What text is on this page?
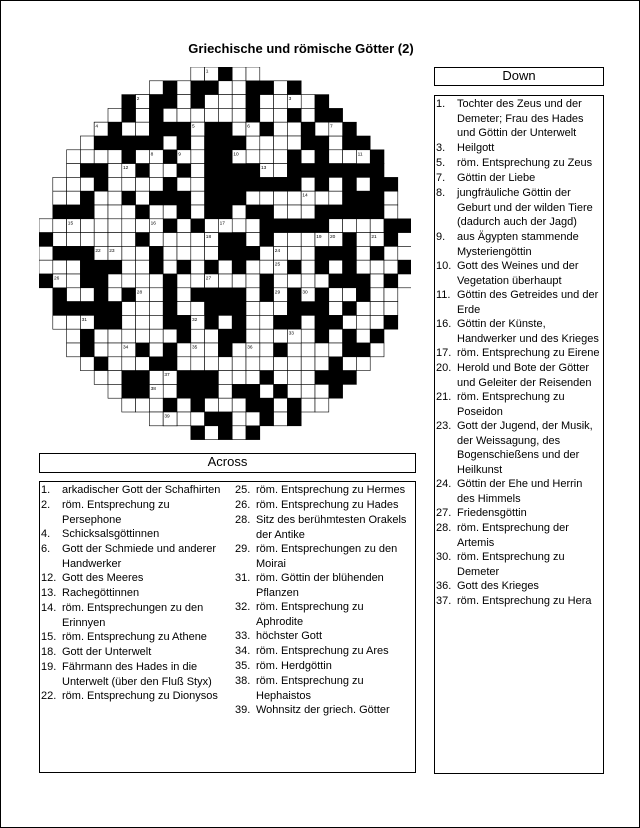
Griechische und römische Götter (2)
1
2	3
4	5	6	7
8	9	10	11
12	13
14
15	16	17
18	19 20	21
22 23	24
25
26	27
28	29	30
31	32
33
34	35	36
37
38
39
Down
1. Tochter des Zeus und der Demeter; Frau des Hades und Göttin der Unterwelt
3. Heilgott
5. röm. Entsprechung zu Zeus
7. Göttin der Liebe
8. jungfräuliche Göttin der Geburt und der wilden Tiere (dadurch auch der Jagd)
9. aus Ägypten stammende Mysteriengöttin
10. Gott des Weines und der Vegetation überhaupt
11. Göttin des Getreides und der Erde
16. Göttin der Künste, Handwerker und des Krieges
17. röm. Entsprechung zu Eirene
20. Herold und Bote der Götter und Geleiter der Reisenden
21. röm. Entsprechung zu Poseidon
23. Gott der Jugend, der Musik, der Weissagung, des Bogenschießens und der Heilkunst
24. Göttin der Ehe und Herrin des Himmels
27. Friedensgöttin
28. röm. Entsprechung der Artemis
30. röm. Entsprechung zu Demeter
36. Gott des Krieges
37. röm. Entsprechung zu Hera
Across
1. arkadischer Gott der Schafhirten
2. röm. Entsprechung zu Persephone
4. Schicksalsgöttinnen
6. Gott der Schmiede und anderer Handwerker
12. Gott des Meeres
13. Rachegöttinnen
14. röm. Entsprechungen zu den Erinnyen
15. röm. Entsprechung zu Athene
18. Gott der Unterwelt
19. Fährmann des Hades in die Unterwelt (über den Fluß Styx)
22. röm. Entsprechung zu Dionysos
25. röm. Entsprechung zu Hermes
26. röm. Entsprechung zu Hades
28. Sitz des berühmtesten Orakels der Antike
29. röm. Entsprechungen zu den Moirai
31. röm. Göttin der blühenden Pflanzen
32. röm. Entsprechung zu Aphrodite
33. höchster Gott
34. röm. Entsprechung zu Ares
35. röm. Herdgöttin
38. röm. Entsprechung zu Hephaistos
39. Wohnsitz der griech. Götter
